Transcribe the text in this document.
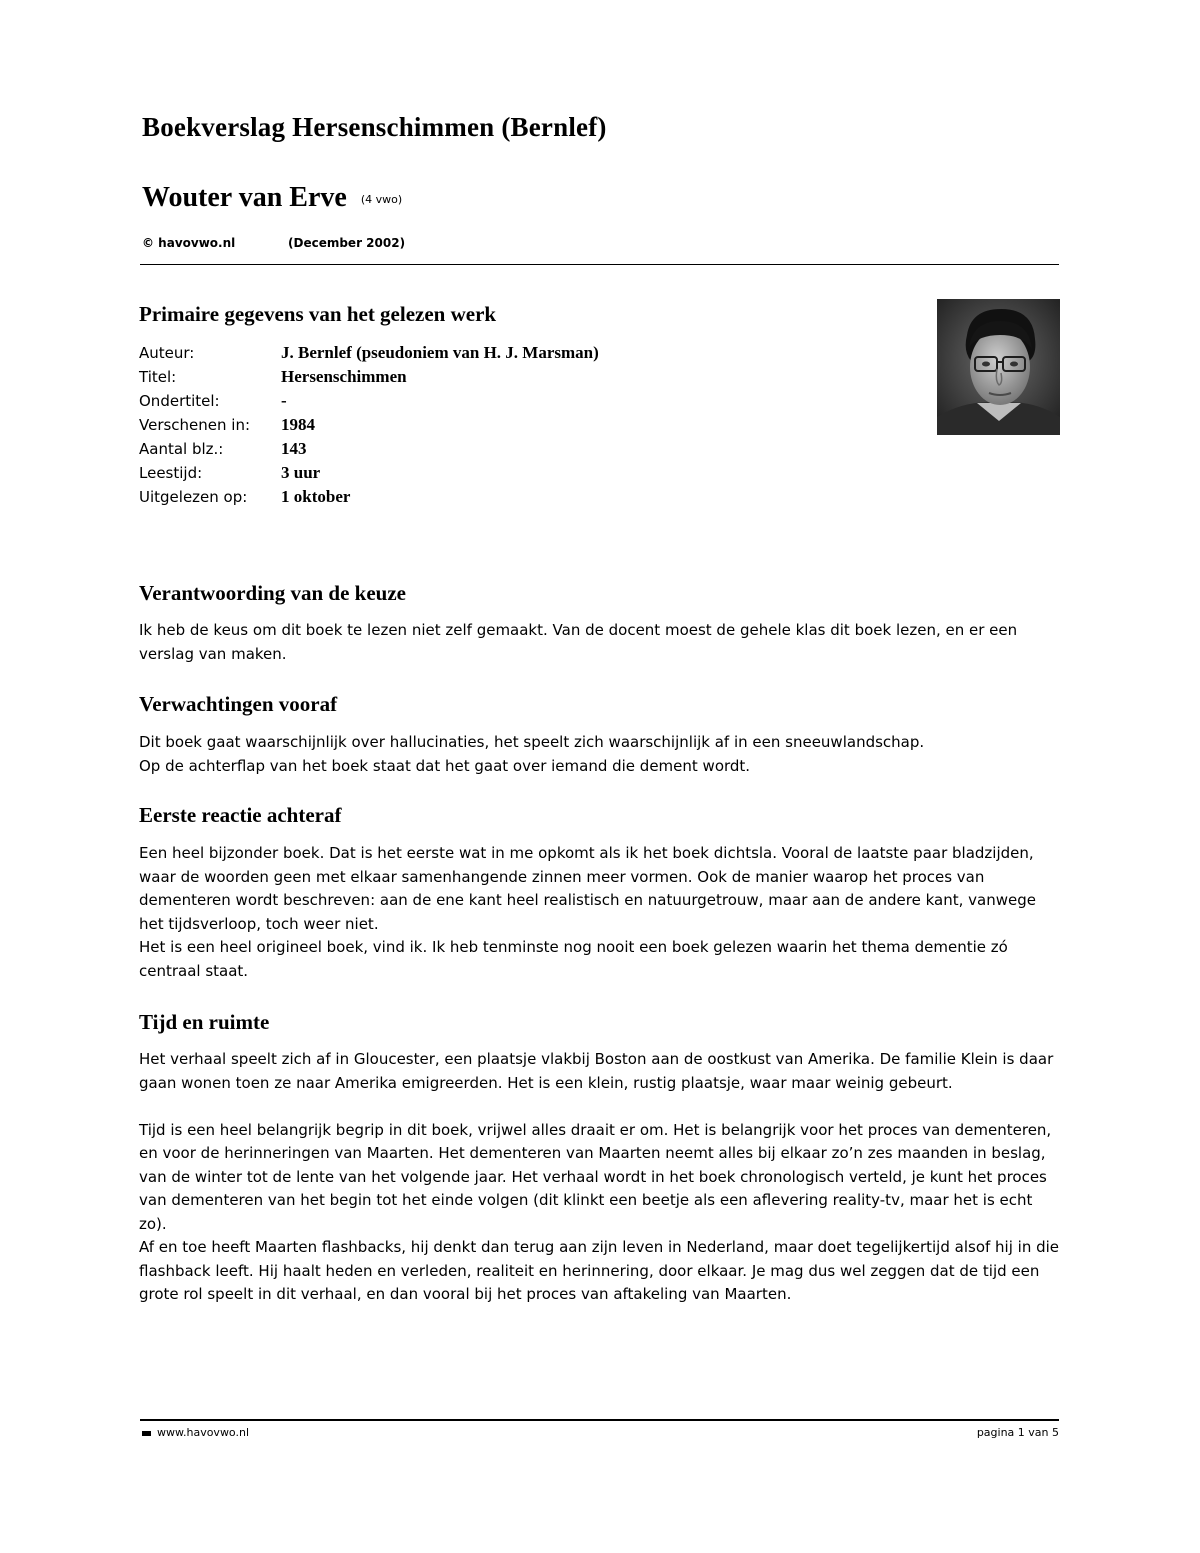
Boekverslag Hersenschimmen (Bernlef)
Wouter van Erve (4 vwo)
© havovwo.nl	(December 2002)
Primaire gegevens van het gelezen werk
Auteur:	J. Bernlef (pseudoniem van H. J. Marsman)
Titel:	Hersenschimmen
Ondertitel:	-
Verschenen in:	1984
Aantal blz.:	143
Leestijd:	3 uur
Uitgelezen op:	1 oktober
Verantwoording van de keuze

Ik heb de keus om dit boek te lezen niet zelf gemaakt. Van de docent moest de gehele klas dit boek lezen, en er een verslag van maken.

Verwachtingen vooraf
Dit boek gaat waarschijnlijk over hallucinaties, het speelt zich waarschijnlijk af in een sneeuwlandschap.
Op de achterflap van het boek staat dat het gaat over iemand die dement wordt.
Eerste reactie achteraf
Een heel bijzonder boek. Dat is het eerste wat in me opkomt als ik het boek dichtsla. Vooral de laatste paar bladzijden, waar de woorden geen met elkaar samenhangende zinnen meer vormen. Ook de manier waarop het proces van dementeren wordt beschreven: aan de ene kant heel realistisch en natuurgetrouw, maar aan de andere kant, vanwege het tijdsverloop, toch weer niet.
Het is een heel origineel boek, vind ik. Ik heb tenminste nog nooit een boek gelezen waarin het thema dementie zó centraal staat.
Tijd en ruimte
Het verhaal speelt zich af in Gloucester, een plaatsje vlakbij Boston aan de oostkust van Amerika. De familie Klein is daar gaan wonen toen ze naar Amerika emigreerden. Het is een klein, rustig plaatsje, waar maar weinig gebeurt.
Tijd is een heel belangrijk begrip in dit boek, vrijwel alles draait er om. Het is belangrijk voor het proces van dementeren, en voor de herinneringen van Maarten. Het dementeren van Maarten neemt alles bij elkaar zo’n zes maanden in beslag, van de winter tot de lente van het volgende jaar. Het verhaal wordt in het boek chronologisch verteld, je kunt het proces van dementeren van het begin tot het einde volgen (dit klinkt een beetje als een aflevering reality-tv, maar het is echt zo).
Af en toe heeft Maarten flashbacks, hij denkt dan terug aan zijn leven in Nederland, maar doet tegelijkertijd alsof hij in die flashback leeft. Hij haalt heden en verleden, realiteit en herinnering, door elkaar. Je mag dus wel zeggen dat de tijd een grote rol speelt in dit verhaal, en dan vooral bij het proces van aftakeling van Maarten.
www.havovwo.nl	pagina 1 van 5
